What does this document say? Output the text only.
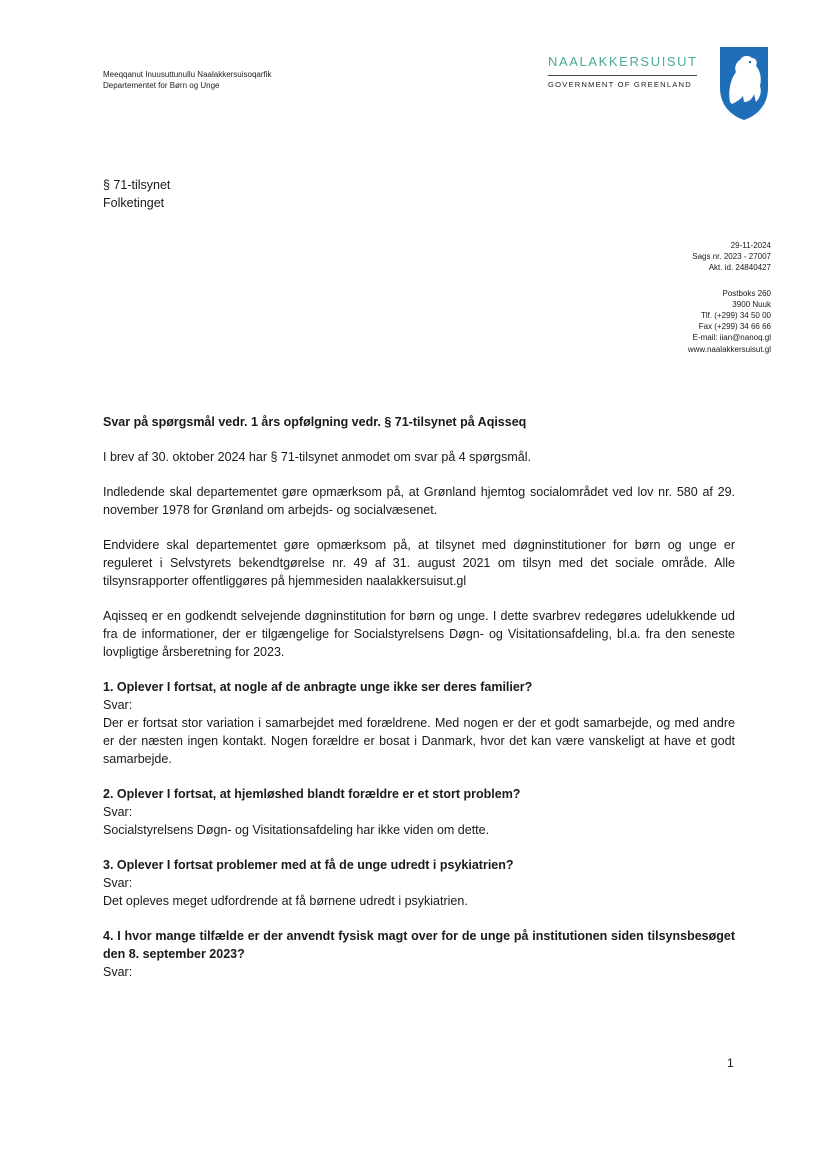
Meeqqanut Inuusuttunullu Naalakkersuisoqarfik
Departementet for Børn og Unge
NAALAKKERSUISUT
GOVERNMENT OF GREENLAND
§ 71-tilsynet
Folketinget
29-11-2024
Sags nr. 2023 - 27007
Akt. id. 24840427
Postboks 260
3900 Nuuk
Tlf. (+299) 34 50 00
Fax (+299) 34 66 66
E-mail: iian@nanoq.gl
www.naalakkersuisut.gl

Svar på spørgsmål vedr. 1 års opfølgning vedr. § 71-tilsynet på Aqisseq

I brev af 30. oktober 2024 har § 71-tilsynet anmodet om svar på 4 spørgsmål.

Indledende skal departementet gøre opmærksom på, at Grønland hjemtog socialområdet ved lov nr. 580 af 29. november 1978 for Grønland om arbejds- og socialvæsenet.

Endvidere skal departementet gøre opmærksom på, at tilsynet med døgninstitutioner for børn og unge er reguleret i Selvstyrets bekendtgørelse nr. 49 af 31. august 2021 om tilsyn med det sociale område. Alle tilsynsrapporter offentliggøres på hjemmesiden naalakkersuisut.gl

Aqisseq er en godkendt selvejende døgninstitution for børn og unge. I dette svarbrev redegøres udelukkende ud fra de informationer, der er tilgængelige for Socialstyrelsens Døgn- og Visitationsafdeling, bl.a. fra den seneste lovpligtige årsberetning for 2023.

1. Oplever I fortsat, at nogle af de anbragte unge ikke ser deres familier?

Svar:

Der er fortsat stor variation i samarbejdet med forældrene. Med nogen er der et godt samarbejde, og med andre er der næsten ingen kontakt. Nogen forældre er bosat i Danmark, hvor det kan være vanskeligt at have et godt samarbejde.

2. Oplever I fortsat, at hjemløshed blandt forældre er et stort problem?

Svar:

Socialstyrelsens Døgn- og Visitationsafdeling har ikke viden om dette.

3. Oplever I fortsat problemer med at få de unge udredt i psykiatrien?

Svar:

Det opleves meget udfordrende at få børnene udredt i psykiatrien.

4. I hvor mange tilfælde er der anvendt fysisk magt over for de unge på institutionen siden tilsynsbesøget den 8. september 2023?

Svar:

1
